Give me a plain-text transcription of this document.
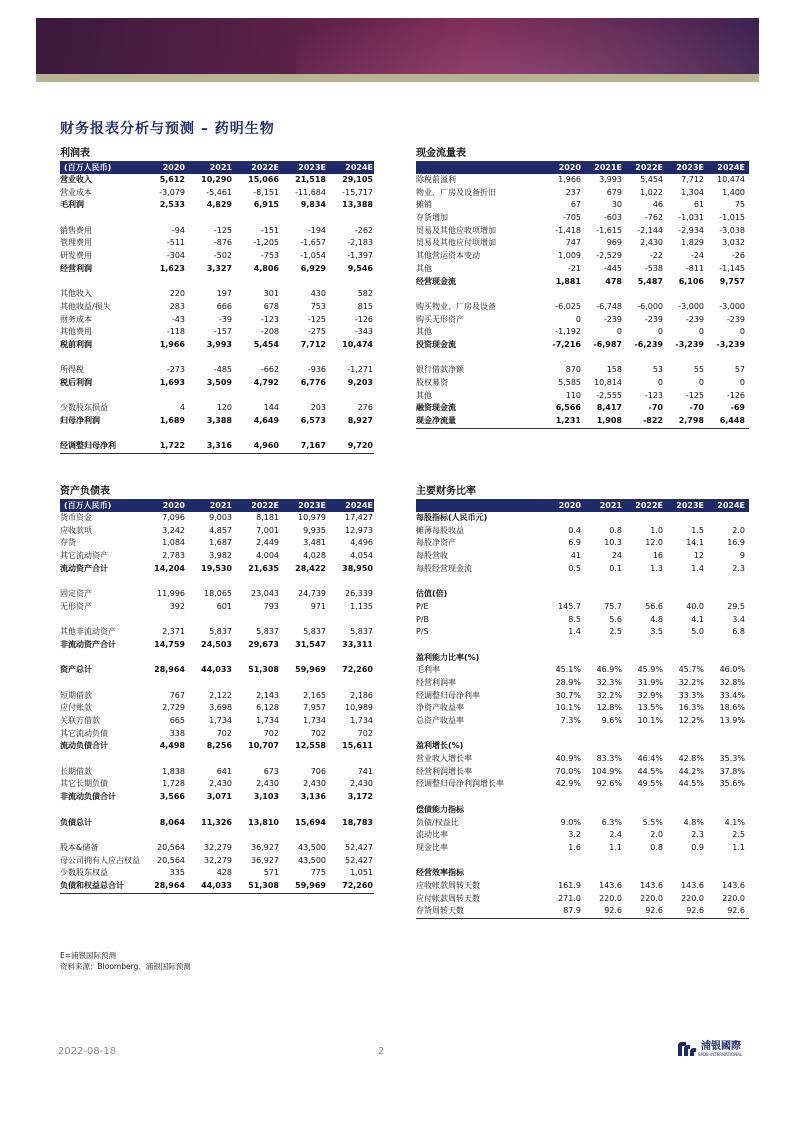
财务报表分析与预测 – 药明生物
利润表
(百万人民币)	2020	2021	2022E	2023E	2024E
营业收入	5,612	10,290	15,066	21,518	29,105
营业成本	-3,079	-5,461	-8,151	-11,684	-15,717
毛利润	2,533	4,829	6,915	9,834	13,388
销售费用	-94	-125	-151	-194	-262
管理费用	-511	-876	-1,205	-1,657	-2,183
研发费用	-304	-502	-753	-1,054	-1,397
经营利润	1,623	3,327	4,806	6,929	9,546
其他收入	220	197	301	430	582
其他收益/损失	283	666	678	753	815
财务成本	-43	-39	-123	-125	-126
其他费用	-118	-157	-208	-275	-343
税前利润	1,966	3,993	5,454	7,712	10,474
所得税	-273	-485	-662	-936	-1,271
税后利润	1,693	3,509	4,792	6,776	9,203
少数股东损益	4	120	144	203	276
归母净利润	1,689	3,388	4,649	6,573	8,927
经调整归母净利	1,722	3,316	4,960	7,167	9,720
现金流量表
2020	2021E	2022E	2023E	2024E
除税前溢利	1,966	3,993	5,454	7,712	10,474
物业、厂房及设备折旧	237	679	1,022	1,304	1,400
摊销	67	30	46	61	75
存货增加	-705	-603	-762	-1,031	-1,015
贸易及其他应收项增加	-1,418	-1,615	-2,144	-2,934	-3,038
贸易及其他应付项增加	747	969	2,430	1,829	3,032
其他营运资本变动	1,009	-2,529	-22	-24	-26
其他	-21	-445	-538	-811	-1,145
经营现金流	1,881	478	5,487	6,106	9,757
购买物业、厂房及设备	-6,025	-6,748	-6,000	-3,000	-3,000
购买无形资产	0	-239	-239	-239	-239
其他	-1,192	0	0	0	0
投资现金流	-7,216	-6,987	-6,239	-3,239	-3,239
银行借款净额	870	158	53	55	57
股权募资	5,585	10,814	0	0	0
其他	110	-2,555	-123	-125	-126
融资现金流	6,566	8,417	-70	-70	-69
现金净流量	1,231	1,908	-822	2,798	6,448
资产负债表
(百万人民币)	2020	2021	2022E	2023E	2024E
货币资金	7,096	9,003	8,181	10,979	17,427
应收款项	3,242	4,857	7,001	9,935	12,973
存货	1,084	1,687	2,449	3,481	4,496
其它流动资产	2,783	3,982	4,004	4,028	4,054
流动资产合计	14,204	19,530	21,635	28,422	38,950
固定资产	11,996	18,065	23,043	24,739	26,339
无形资产	392	601	793	971	1,135
其他非流动资产	2,371	5,837	5,837	5,837	5,837
非流动资产合计	14,759	24,503	29,673	31,547	33,311
资产总计	28,964	44,033	51,308	59,969	72,260
短期借款	767	2,122	2,143	2,165	2,186
应付账款	2,729	3,698	6,128	7,957	10,989
关联方借款	665	1,734	1,734	1,734	1,734
其它流动负债	338	702	702	702	702
流动负债合计	4,498	8,256	10,707	12,558	15,611
长期借款	1,838	641	673	706	741
其它长期负债	1,728	2,430	2,430	2,430	2,430
非流动负债合计	3,566	3,071	3,103	3,136	3,172
负债总计	8,064	11,326	13,810	15,694	18,783
股本&储备	20,564	32,279	36,927	43,500	52,427
母公司拥有人应占权益	20,564	32,279	36,927	43,500	52,427
少数股东权益	335	428	571	775	1,051
负债和权益总合计	28,964	44,033	51,308	59,969	72,260
主要财务比率
2020	2021	2022E	2023E	2024E
每股指标(人民币元)
摊薄每股收益	0.4	0.8	1.0	1.5	2.0
每股净资产	6.9	10.3	12.0	14.1	16.9
每股营收	41	24	16	12	9
每股经营现金流	0.5	0.1	1.3	1.4	2.3
估值(倍)
P/E	145.7	75.7	56.6	40.0	29.5
P/B	8.5	5.6	4.8	4.1	3.4
P/S	1.4	2.5	3.5	5.0	6.8
盈利能力比率(%)
毛利率	45.1%	46.9%	45.9%	45.7%	46.0%
经营利润率	28.9%	32.3%	31.9%	32.2%	32.8%
经调整归母净利率	30.7%	32.2%	32.9%	33.3%	33.4%
净资产收益率	10.1%	12.8%	13.5%	16.3%	18.6%
总资产收益率	7.3%	9.6%	10.1%	12.2%	13.9%
盈利增长(%)
营业收入增长率	40.9%	83.3%	46.4%	42.8%	35.3%
经营利润增长率	70.0%	104.9%	44.5%	44.2%	37.8%
经调整归母净利润增长率	42.9%	92.6%	49.5%	44.5%	35.6%
偿债能力指标
负债/权益比	9.0%	6.3%	5.5%	4.8%	4.1%
流动比率	3.2	2.4	2.0	2.3	2.5
现金比率	1.6	1.1	0.8	0.9	1.1
经营效率指标
应收帐款周转天数	161.9	143.6	143.6	143.6	143.6
应付帐款周转天数	271.0	220.0	220.0	220.0	220.0
存货周转天数	87.9	92.6	92.6	92.6	92.6
E=浦银国际预测
资料来源：Bloomberg、浦银国际预测
2022-08-18	2	浦银國際
SPDB INTERNATIONAL
